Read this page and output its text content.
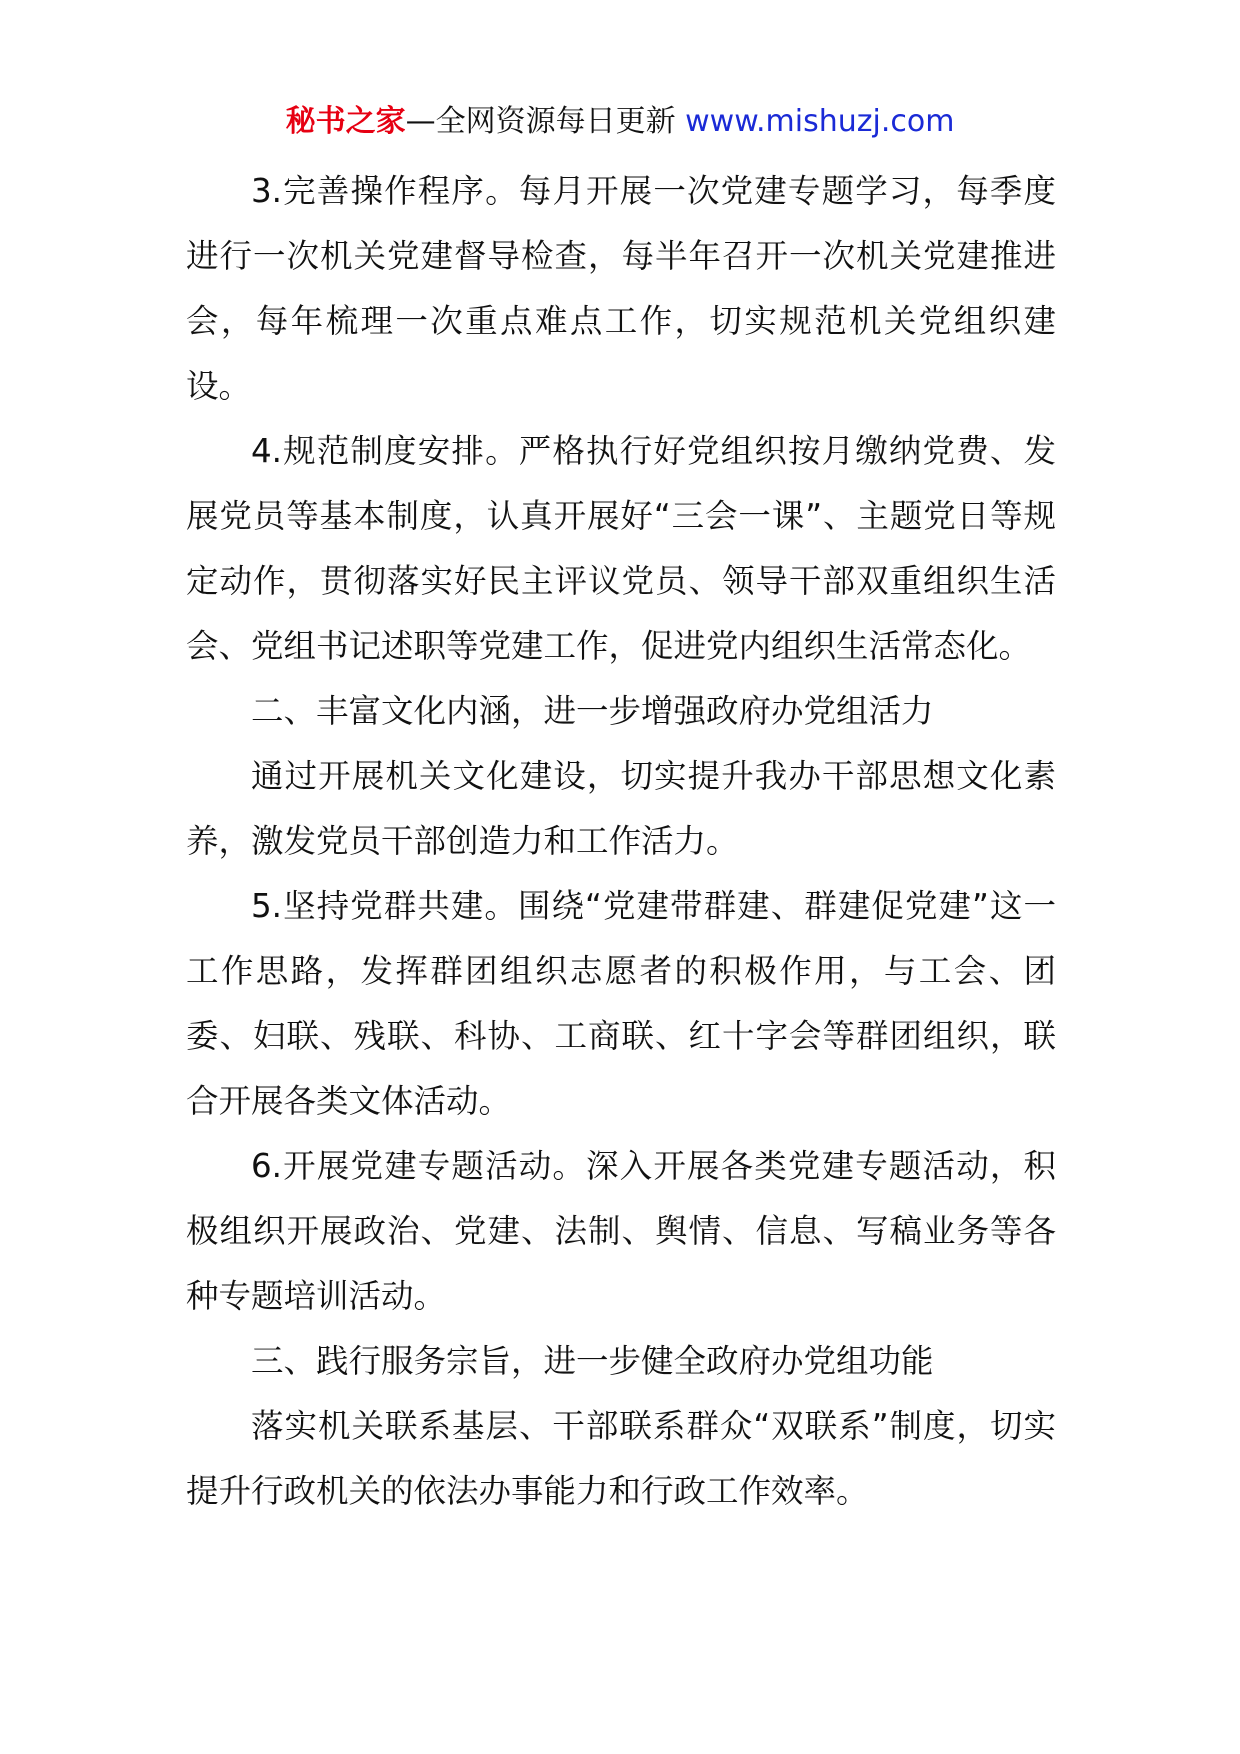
秘书之家—全网资源每日更新 www.mishuzj.com

3.完善操作程序。每月开展一次党建专题学习，每季度进行一次机关党建督导检查，每半年召开一次机关党建推进会，每年梳理一次重点难点工作，切实规范机关党组织建设。

4.规范制度安排。严格执行好党组织按月缴纳党费、发展党员等基本制度，认真开展好“三会一课”、主题党日等规定动作，贯彻落实好民主评议党员、领导干部双重组织生活会、党组书记述职等党建工作，促进党内组织生活常态化。

二、丰富文化内涵，进一步增强政府办党组活力

通过开展机关文化建设，切实提升我办干部思想文化素养，激发党员干部创造力和工作活力。

5.坚持党群共建。围绕“党建带群建、群建促党建”这一工作思路，发挥群团组织志愿者的积极作用，与工会、团委、妇联、残联、科协、工商联、红十字会等群团组织，联合开展各类文体活动。

6.开展党建专题活动。深入开展各类党建专题活动，积极组织开展政治、党建、法制、舆情、信息、写稿业务等各种专题培训活动。

三、践行服务宗旨，进一步健全政府办党组功能

落实机关联系基层、干部联系群众“双联系”制度，切实提升行政机关的依法办事能力和行政工作效率。
